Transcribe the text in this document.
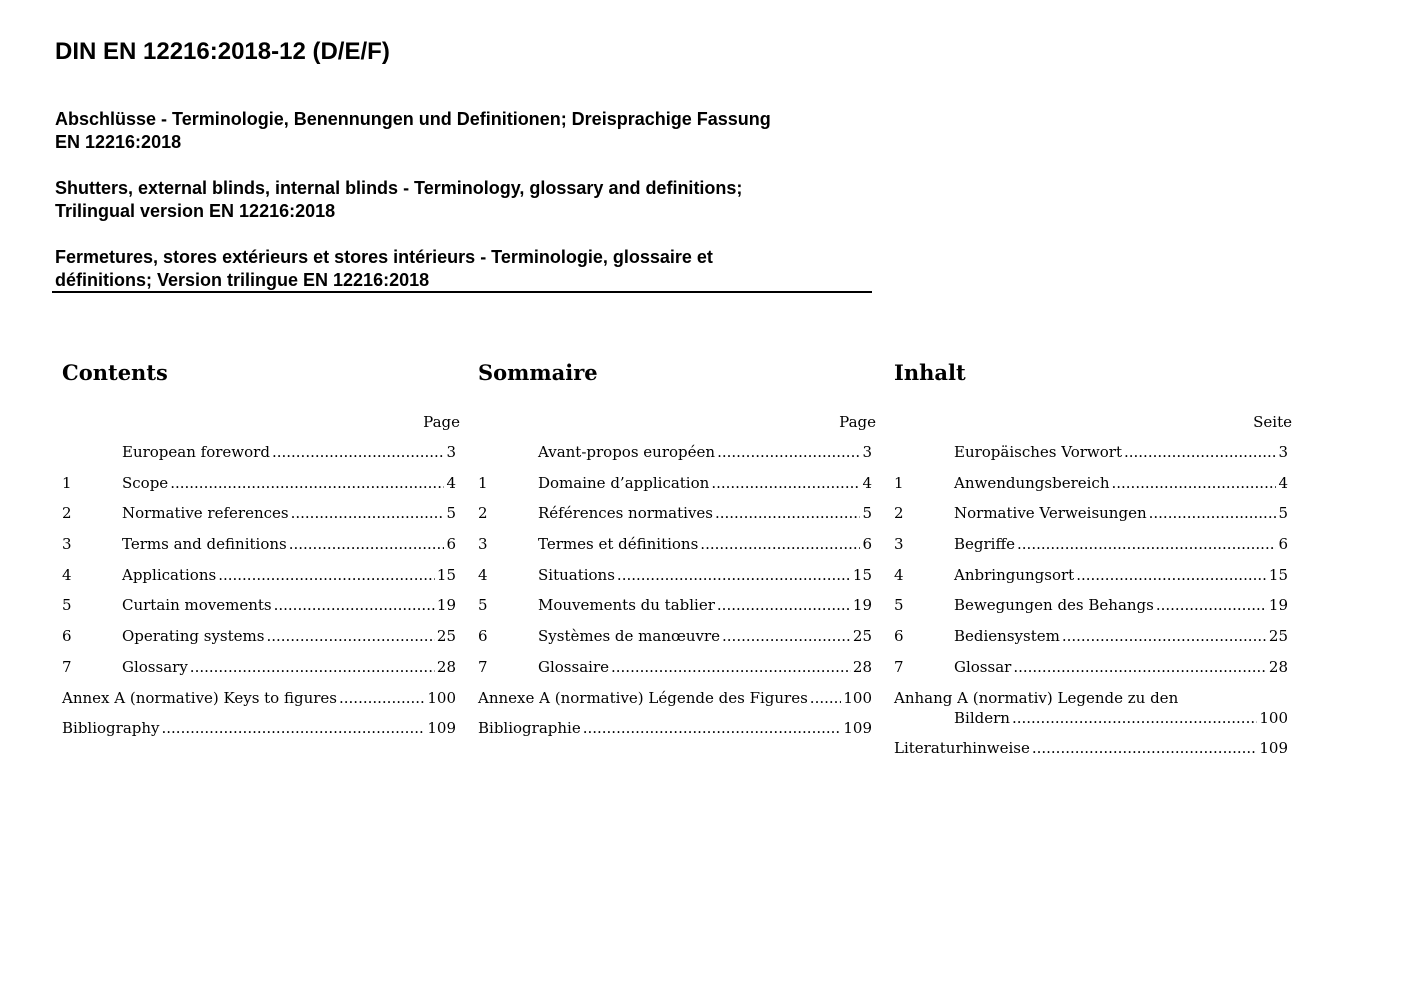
DIN EN 12216:2018-12 (D/E/F)
Abschlüsse - Terminologie, Benennungen und Definitionen; Dreisprachige Fassung
EN 12216:2018
Shutters, external blinds, internal blinds - Terminology, glossary and definitions;
Trilingual version EN 12216:2018
Fermetures, stores extérieurs et stores intérieurs - Terminologie, glossaire et
définitions; Version trilingue EN 12216:2018
Contents
Page
European foreword .....	3
1	Scope .....	4
2	Normative references .....	5
3	Terms and definitions .....	6
4	Applications .....	15
5	Curtain movements .....	19
6	Operating systems .....	25
7	Glossary .....	28
Annex A (normative) Keys to figures .....	100
Bibliography .....	109
Sommaire
Page
Avant-propos européen .....	3
1	Domaine d’application .....	4
2	Références normatives .....	5
3	Termes et définitions .....	6
4	Situations .....	15
5	Mouvements du tablier .....	19
6	Systèmes de manœuvre .....	25
7	Glossaire .....	28
Annexe A (normative) Légende des Figures ..... 100
Bibliographie .....	109
Inhalt
Seite
Europäisches Vorwort .....	3
1	Anwendungsbereich .....	4
2	Normative Verweisungen .....	5
3	Begriffe .....	6
4	Anbringungsort .....	15
5	Bewegungen des Behangs .....	19
6	Bediensystem .....	25
7	Glossar .....	28
Anhang A (normativ) Legende zu den
Bildern .....	100
Literaturhinweise .....	109
